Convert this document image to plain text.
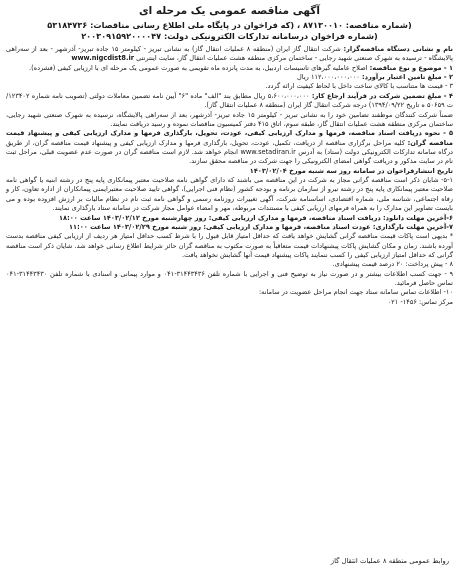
آگهی مناقصه عمومی یک مرحله ای
(شماره مناقصه: ۸۷۱۳۰۰۱۰ ، (که فراخوان در پایگاه ملی اطلاع رسانی مناقصات: ۵۳۱۸۴۷۳۶
(شماره فراخوان درسامانه تدارکات الکترونیکی دولت: ۲۰۰۳۰۹۱۵۹۲۰۰۰۰۴۷

نام و نشانی دستگاه مناقصه‌گزار: شرکت انتقال گاز ایران (منطقه ۸ عملیات انتقال گاز) به نشانی تبریز - کیلومتر ۱۵ جاده تبریز- آذرشهر - بعد از سه‌راهی پالایشگاه - ترسیده به شهرک صنعتی شهید رجایی - ساختمان مرکزی منطقه هشت عملیات انتقال گاز، سایت اینترنتی www.nigcdist8.ir

۱ - موضوع و نوع مناقصه: اصلاح عاملیه گیرهای تاسیسات اردبیل، به مدت پانزده ماه تقویمی به صورت عمومی یک مرحله ای با ارزیابی کیفی (فشرده).

۲ - مبلغ تامین اعتبار برآورد: ۱۱۲،۰۰۰،۰۰۰،۰۰۰ ریال

۳ - قیمت ها متناسب با کالای ساخت داخل با لحاظ کیفیت ارائه گردد.

۴ - مبلغ تضمین شرکت در فرآیند ارجاع کار: ۵،۶۰۰،۰۰۰،۰۰۰ ریال مطابق بند "الف" ماده "۶" آیین نامه تضمین معاملات دولتی (تصویب نامه شماره ۱۲۳۴۰۲/ت ۵۰۶۵۹ ه تاریخ ۱۳۹۴/۰۹/۲۲) درجه شرکت انتقال گاز ایران (منطقه ۸ عملیات انتقال گاز).

ضمناً شرکت کنندگان موظفند تضامین خود را به نشانی تبریز - کیلومتر ۱۵ جاده تبریز- آذرشهر، بعد از سه‌راهی پالایشگاه، نرسیده به شهرک صنعتی شهید رجایی، ساختمان مرکزی منطقه هشت عملیات انتقال گاز، طبقه سوم، اتاق ۴۱۵ دفتر کمیسیون مناقصات نموده و رسید دریافت نمایند.

۵ - نحوه دریافت اسناد مناقصه، فرمها و مدارک ارزیابی کیفی، عودت، تحویل، بارگذاری فرمها و مدارک ارزیابی کیفی و پیشنهاد قیمت مناقصه گران: کلیه مراحل برگزاری مناقصه از دریافت، تکمیل، عودت، تحویل، بارگذاری فرمها و مدارک ارزیابی کیفی و پیشنهاد قیمت مناقصه گران، از طریق درگاه سامانه تدارکات الکترونیکی دولت (ستاد) به آدرس www.setadiran.ir انجام خواهد شد. لازم است مناقصه گران در صورت عدم عضویت قبلی، مراحل ثبت نام در سایت مذکور و دریافت گواهی امضای الکترونیکی را جهت شرکت در مناقصه محقق سازند.

تاریخ انتشارفراخوان در سامانه روز سه شنبه مورخ ۱۴۰۳/۰۲/۰۴

۵-۱- شایان ذکر است مناقصه گرانی مجاز به شرکت در این مناقصه می باشند که دارای گواهی نامه صلاحیت معتبر پیمانکاری پایه پنج در رشته ابنیه یا گواهی نامه صلاحیت معتبر پیمانکاری پایه پنج در رشته نیرو از سازمان برنامه و بودجه کشور (نظام فنی اجرایی)، گواهی تایید صلاحیت معتبرایمنی پیمانکاران از اداره تعاون، کار و رفاه اجتماعی، شناسه ملی، شماره اقتصادی، اساسنامه شرکت، آگهی تغییرات روزنامه رسمی و گواهی نامه ثبت نام در نظام مالیات بر ارزش افزوده بوده و می بایست تصاویر این مدارک را به همراه فرمهای ارزیابی کیفی با مستندات مربوطه، مهر و امضاء عوامل مجاز شرکت در سامانه ستاد بارگذاری نمایند.

۶-آخرین مهلت دانلود: دریافت اسناد مناقصه، فرمها و مدارک ارزیابی کیفی: روز چهارشنبه مورخ ۱۴۰۳/۰۲/۱۲ ساعت ۱۸:۰۰

۷-آخرین مهلت بارگذاری: عودت اسناد مناقصه، فرمها و مدارک ارزیابی کیفی: روز شنبه مورخ ۱۴۰۳/۰۲/۲۹ ساعت ۱۱:۰۰

* بدیهی است پاکات قیمت مناقصه گرانی گشایش خواهد یافت که حداقل امتیاز قابل قبول را با شرط کسب حداقل امتیاز هر ردیف از ارزیابی کیفی مناقصه بدست آورده باشند. زمان و مکان گشایش پاکات پیشنهادات قیمت متعاقباً به صورت مکتوب به مناقصه گران حائز شرایط اطلاع رسانی خواهد شد. شایان ذکر است مناقصه گرانی که حداقل امتیاز ارزیابی کیفی را کسب ننمایند پاکات پیشنهاد قیمت آنها گشایش نخواهد یافت.

۸ - پیش پرداخت: ۲۰ درصد قیمت پیشنهادی.

۹ - جهت کسب اطلاعات بیشتر و در صورت نیاز به توضیح فنی و اجرایی با شماره تلفن ۳۱۴۴۳۴۳۶-۰۴۱ و موارد پیمانی و اسنادی با شماره تلفن ۳۱۴۴۳۴۳۰-۰۴۱ تماس حاصل فرمائید.

۱۰- اطلاعات تماس سامانه ستاد جهت انجام مراحل عضویت در سامانه:

مرکز تماس: ۱۴۵۶- ۰۲۱

روابط عمومی منطقه ۸ عملیات انتقال گاز
